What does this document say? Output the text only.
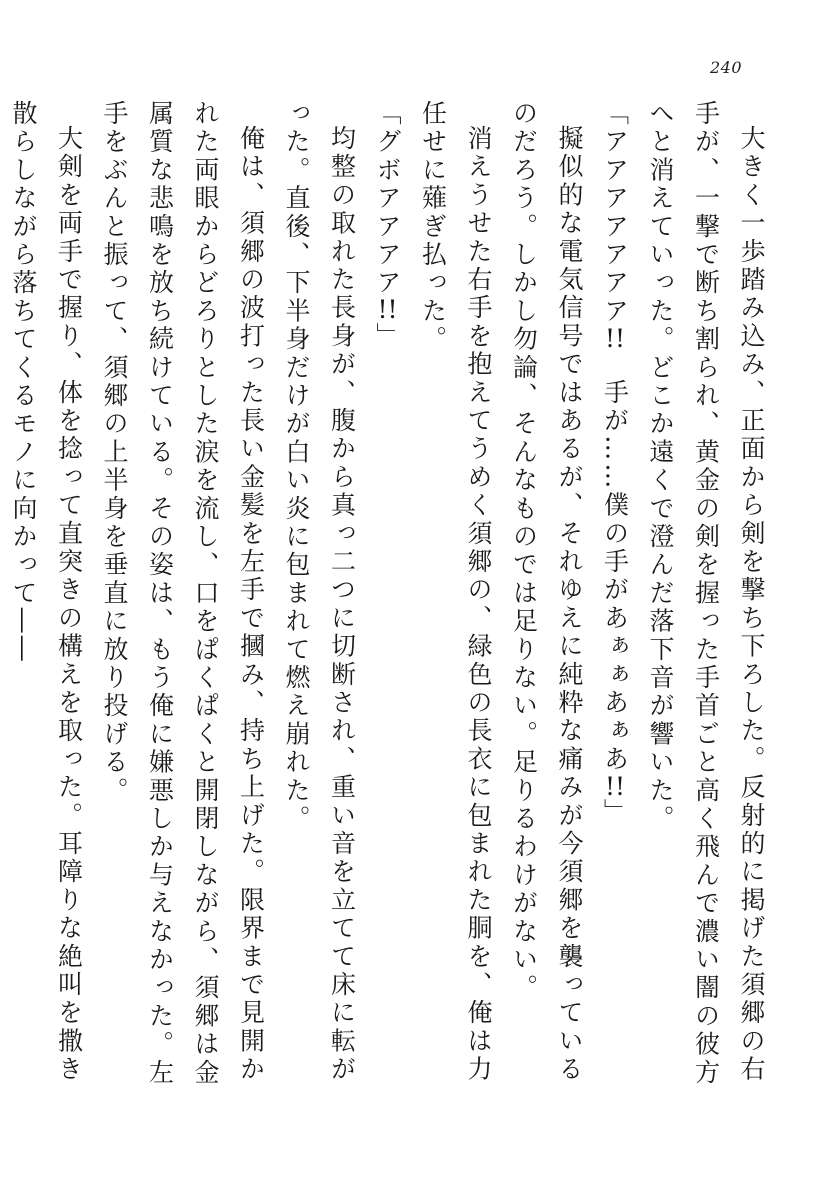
240

大きく一歩踏み込み、正面から剣を撃ち下ろした。反射的に掲げた須郷の右手が、一撃で断ち割られ、黄金の剣を握った手首ごと高く飛んで濃い闇の彼方へと消えていった。どこか遠くで澄んだ落下音が響いた。

「アアアアアアア!!　手が……僕の手があぁぁあぁあ!!」

擬似的な電気信号ではあるが、それゆえに純粋な痛みが今須郷を襲っているのだろう。しかし勿論、そんなものでは足りない。足りるわけがない。

消えうせた右手を抱えてうめく須郷の、緑色の長衣に包まれた胴を、俺は力任せに薙ぎ払った。

「グボアアアア!!」

均整の取れた長身が、腹から真っ二つに切断され、重い音を立てて床に転がった。直後、下半身だけが白い炎に包まれて燃え崩れた。

俺は、須郷の波打った長い金髪を左手で摑み、持ち上げた。限界まで見開かれた両眼からどろりとした涙を流し、口をぱくぱくと開閉しながら、須郷は金属質な悲鳴を放ち続けている。その姿は、もう俺に嫌悪しか与えなかった。左手をぶんと振って、須郷の上半身を垂直に放り投げる。

大剣を両手で握り、体を捻って直突きの構えを取った。耳障りな絶叫を撒き散らしながら落ちてくるモノに向かって――
